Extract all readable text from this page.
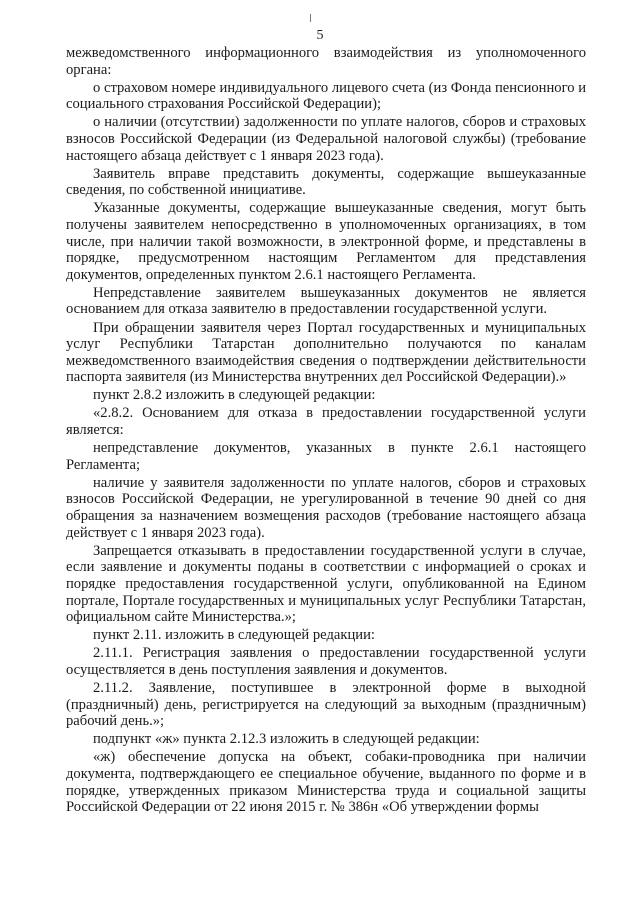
5

межведомственного информационного взаимодействия из уполномоченного органа:

о страховом номере индивидуального лицевого счета (из Фонда пенсионного и социального страхования Российской Федерации);

о наличии (отсутствии) задолженности по уплате налогов, сборов и страховых взносов Российской Федерации (из Федеральной налоговой службы) (требование настоящего абзаца действует с 1 января 2023 года).

Заявитель вправе представить документы, содержащие вышеуказанные сведения, по собственной инициативе.

Указанные документы, содержащие вышеуказанные сведения, могут быть получены заявителем непосредственно в уполномоченных организациях, в том числе, при наличии такой возможности, в электронной форме, и представлены в порядке, предусмотренном настоящим Регламентом для представления документов, определенных пунктом 2.6.1 настоящего Регламента.

Непредставление заявителем вышеуказанных документов не является основанием для отказа заявителю в предоставлении государственной услуги.

При обращении заявителя через Портал государственных и муниципальных услуг Республики Татарстан дополнительно получаются по каналам межведомственного взаимодействия сведения о подтверждении действительности паспорта заявителя (из Министерства внутренних дел Российской Федерации).»

пункт 2.8.2 изложить в следующей редакции:

«2.8.2. Основанием для отказа в предоставлении государственной услуги является:

непредставление документов, указанных в пункте 2.6.1 настоящего Регламента;

наличие у заявителя задолженности по уплате налогов, сборов и страховых взносов Российской Федерации, не урегулированной в течение 90 дней со дня обращения за назначением возмещения расходов (требование настоящего абзаца действует с 1 января 2023 года).

Запрещается отказывать в предоставлении государственной услуги в случае, если заявление и документы поданы в соответствии с информацией о сроках и порядке предоставления государственной услуги, опубликованной на Едином портале, Портале государственных и муниципальных услуг Республики Татарстан, официальном сайте Министерства.»;

пункт 2.11. изложить в следующей редакции:

2.11.1. Регистрация заявления о предоставлении государственной услуги осуществляется в день поступления заявления и документов.

2.11.2. Заявление, поступившее в электронной форме в выходной (праздничный) день, регистрируется на следующий за выходным (праздничным) рабочий день.»;

подпункт «ж» пункта 2.12.3 изложить в следующей редакции:

«ж) обеспечение допуска на объект, собаки-проводника при наличии документа, подтверждающего ее специальное обучение, выданного по форме и в порядке, утвержденных приказом Министерства труда и социальной защиты Российской Федерации от 22 июня 2015 г. № 386н «Об утверждении формы
